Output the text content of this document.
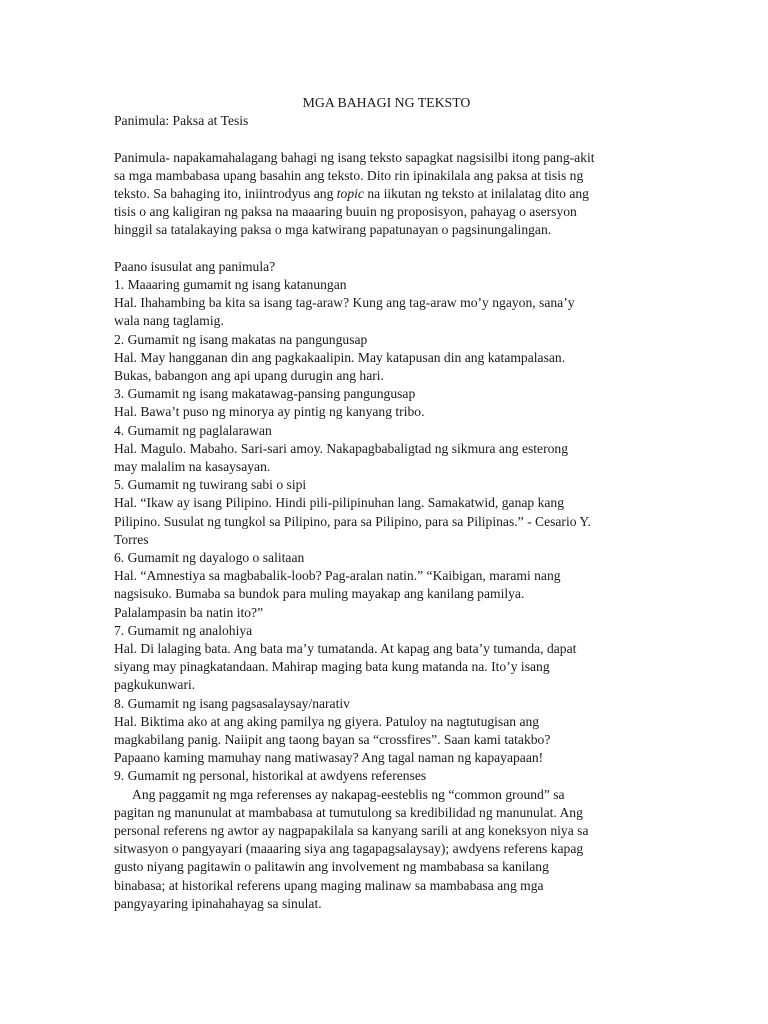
MGA BAHAGI NG TEKSTO
Panimula: Paksa at Tesis
Panimula- napakamahalagang bahagi ng isang teksto sapagkat nagsisilbi itong pang-akit
sa mga mambabasa upang basahin ang teksto. Dito rin ipinakilala ang paksa at tisis ng
teksto. Sa bahaging ito, iniintrodyus ang topic na iikutan ng teksto at inilalatag dito ang
tisis o ang kaligiran ng paksa na maaaring buuin ng proposisyon, pahayag o asersyon
hinggil sa tatalakaying paksa o mga katwirang papatunayan o pagsinungalingan.
Paano isusulat ang panimula?
1. Maaaring gumamit ng isang katanungan
Hal. Ihahambing ba kita sa isang tag-araw? Kung ang tag-araw mo’y ngayon, sana’y
wala nang taglamig.
2. Gumamit ng isang makatas na pangungusap
Hal. May hangganan din ang pagkakaalipin. May katapusan din ang katampalasan.
Bukas, babangon ang api upang durugin ang hari.
3. Gumamit ng isang makatawag-pansing pangungusap
Hal. Bawa’t puso ng minorya ay pintig ng kanyang tribo.
4. Gumamit ng paglalarawan
Hal. Magulo. Mabaho. Sari-sari amoy. Nakapagbabaligtad ng sikmura ang esterong
may malalim na kasaysayan.
5. Gumamit ng tuwirang sabi o sipi
Hal. “Ikaw ay isang Pilipino. Hindi pili-pilipinuhan lang. Samakatwid, ganap kang
Pilipino. Susulat ng tungkol sa Pilipino, para sa Pilipino, para sa Pilipinas.” - Cesario Y.
Torres
6. Gumamit ng dayalogo o salitaan
Hal. “Amnestiya sa magbabalik-loob? Pag-aralan natin.” “Kaibigan, marami nang
nagsisuko. Bumaba sa bundok para muling mayakap ang kanilang pamilya.
Palalampasin ba natin ito?”
7. Gumamit ng analohiya
Hal. Di lalaging bata. Ang bata ma’y tumatanda. At kapag ang bata’y tumanda, dapat
siyang may pinagkatandaan. Mahirap maging bata kung matanda na. Ito’y isang
pagkukunwari.
8. Gumamit ng isang pagsasalaysay/narativ
Hal. Biktima ako at ang aking pamilya ng giyera. Patuloy na nagtutugisan ang
magkabilang panig. Naiipit ang taong bayan sa “crossfires”. Saan kami tatakbo?
Papaano kaming mamuhay nang matiwasay? Ang tagal naman ng kapayapaan!
9. Gumamit ng personal, historikal at awdyens referenses
Ang paggamit ng mga referenses ay nakapag-eesteblis ng “common ground” sa
pagitan ng manunulat at mambabasa at tumutulong sa kredibilidad ng manunulat. Ang
personal referens ng awtor ay nagpapakilala sa kanyang sarili at ang koneksyon niya sa
sitwasyon o pangyayari (maaaring siya ang tagapagsalaysay); awdyens referens kapag
gusto niyang pagitawin o palitawin ang involvement ng mambabasa sa kanilang
binabasa; at historikal referens upang maging malinaw sa mambabasa ang mga
pangyayaring ipinahahayag sa sinulat.
